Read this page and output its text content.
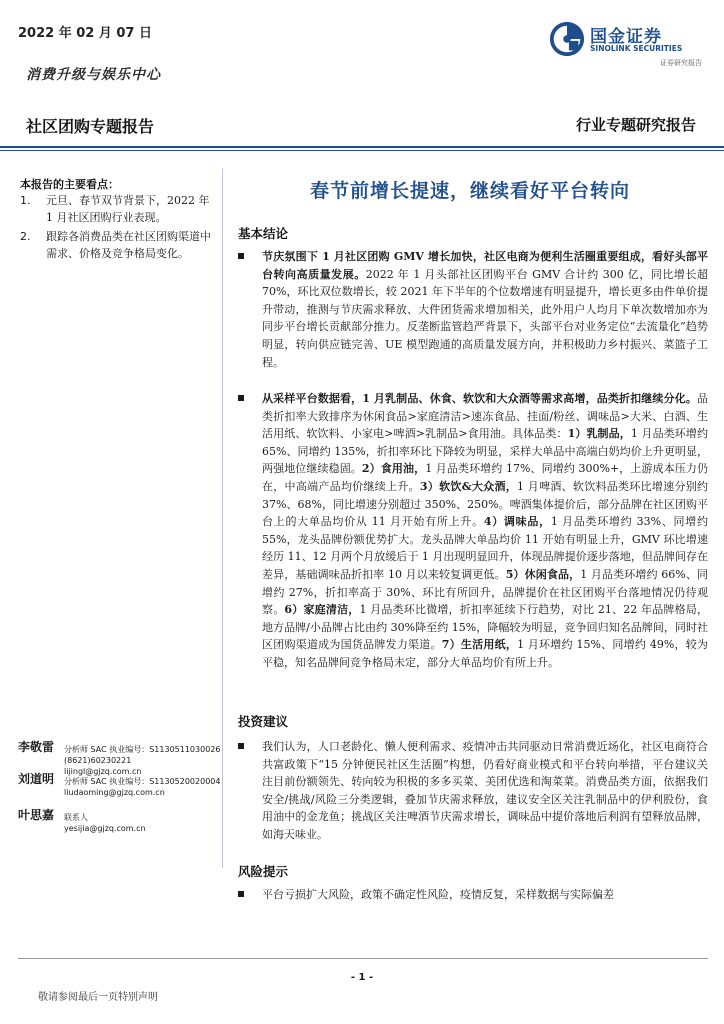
2022 年 02 月 07 日	国金证券
SINOLINK SECURITIES
证券研究报告
消费升级与娱乐中心
社区团购专题报告	行业专题研究报告
本报告的主要看点：
1. 元旦、春节双节背景下，2022 年 1 月社区团购行业表现。
2. 跟踪各消费品类在社区团购渠道中需求、价格及竞争格局变化。
春节前增长提速，继续看好平台转向
基本结论
节庆氛围下 1 月社区团购 GMV 增长加快，社区电商为便利生活圈重要组成，看好头部平台转向高质量发展。2022 年 1 月头部社区团购平台 GMV 合计约 300 亿，同比增长超 70%，环比双位数增长，较 2021 年下半年的个位数增速有明显提升，增长更多由件单价提升带动，推测与节庆需求释放、大件团货需求增加相关，此外用户人均月下单次数增加亦为同步平台增长贡献部分推力。反垄断监管趋严背景下，头部平台对业务定位“去流量化”趋势明显，转向供应链完善、UE 模型跑通的高质量发展方向，并积极助力乡村振兴、菜篮子工程。
从采样平台数据看，1 月乳制品、休食、软饮和大众酒等需求高增，品类折扣继续分化。品类折扣率大致排序为休闲食品>家庭清洁>速冻食品、挂面/粉丝、调味品>大米、白酒、生活用纸、软饮料、小家电>啤酒>乳制品>食用油。具体品类：1）乳制品，1 月品类环增约 65%、同增约 135%，折扣率环比下降较为明显，采样大单品中高端白奶均价上升更明显，两强地位继续稳固。2）食用油，1 月品类环增约 17%、同增约 300%+，上游成本压力仍在，中高端产品均价继续上升。3）软饮&大众酒，1 月啤酒、软饮料品类环比增速分别约 37%、68%，同比增速分别超过 350%、250%。啤酒集体提价后，部分品牌在社区团购平台上的大单品均价从 11 月开始有所上升。4）调味品，1 月品类环增约 33%、同增约 55%，龙头品牌份额优势扩大。龙头品牌大单品均价 11 开始有明显上升，GMV 环比增速经历 11、12 月两个月放缓后于 1 月出现明显回升，体现品牌提价逐步落地，但品牌间存在差异，基础调味品折扣率 10 月以来较复调更低。5）休闲食品，1 月品类环增约 66%、同增约 27%，折扣率高于 30%、环比有所回升，品牌提价在社区团购平台落地情况仍待观察。6）家庭清洁，1 月品类环比微增，折扣率延续下行趋势，对比 21、22 年品牌格局，地方品牌/小品牌占比由约 30%降至约 15%，降幅较为明显，竞争回归知名品牌间，同时社区团购渠道成为国货品牌发力渠道。7）生活用纸，1 月环增约 15%、同增约 49%，较为平稳，知名品牌间竞争格局未定，部分大单品均价有所上升。
投资建议
我们认为，人口老龄化、懒人便利需求、疫情冲击共同驱动日常消费近场化，社区电商符合共富政策下“15 分钟便民社区生活圈”构想，仍看好商业模式和平台转向举措，平台建议关注目前份额领先、转向较为积极的多多买菜、美团优选和淘菜菜。消费品类方面，依据我们安全/挑战/风险三分类逻辑，叠加节庆需求释放，建议安全区关注乳制品中的伊利股份，食用油中的金龙鱼；挑战区关注啤酒节庆需求增长，调味品中提价落地后利润有望释放品牌，如海天味业。
风险提示
平台亏损扩大风险，政策不确定性风险，疫情反复，采样数据与实际偏差
李敬雷 分析师 SAC 执业编号：S1130511030026
(8621)60230221
lijingl@gjzq.com.cn
刘道明 分析师 SAC 执业编号：S1130520020004
liudaoming@gjzq.com.cn
叶思嘉 联系人
yesijia@gjzq.com.cn
- 1 -
敬请参阅最后一页特别声明
